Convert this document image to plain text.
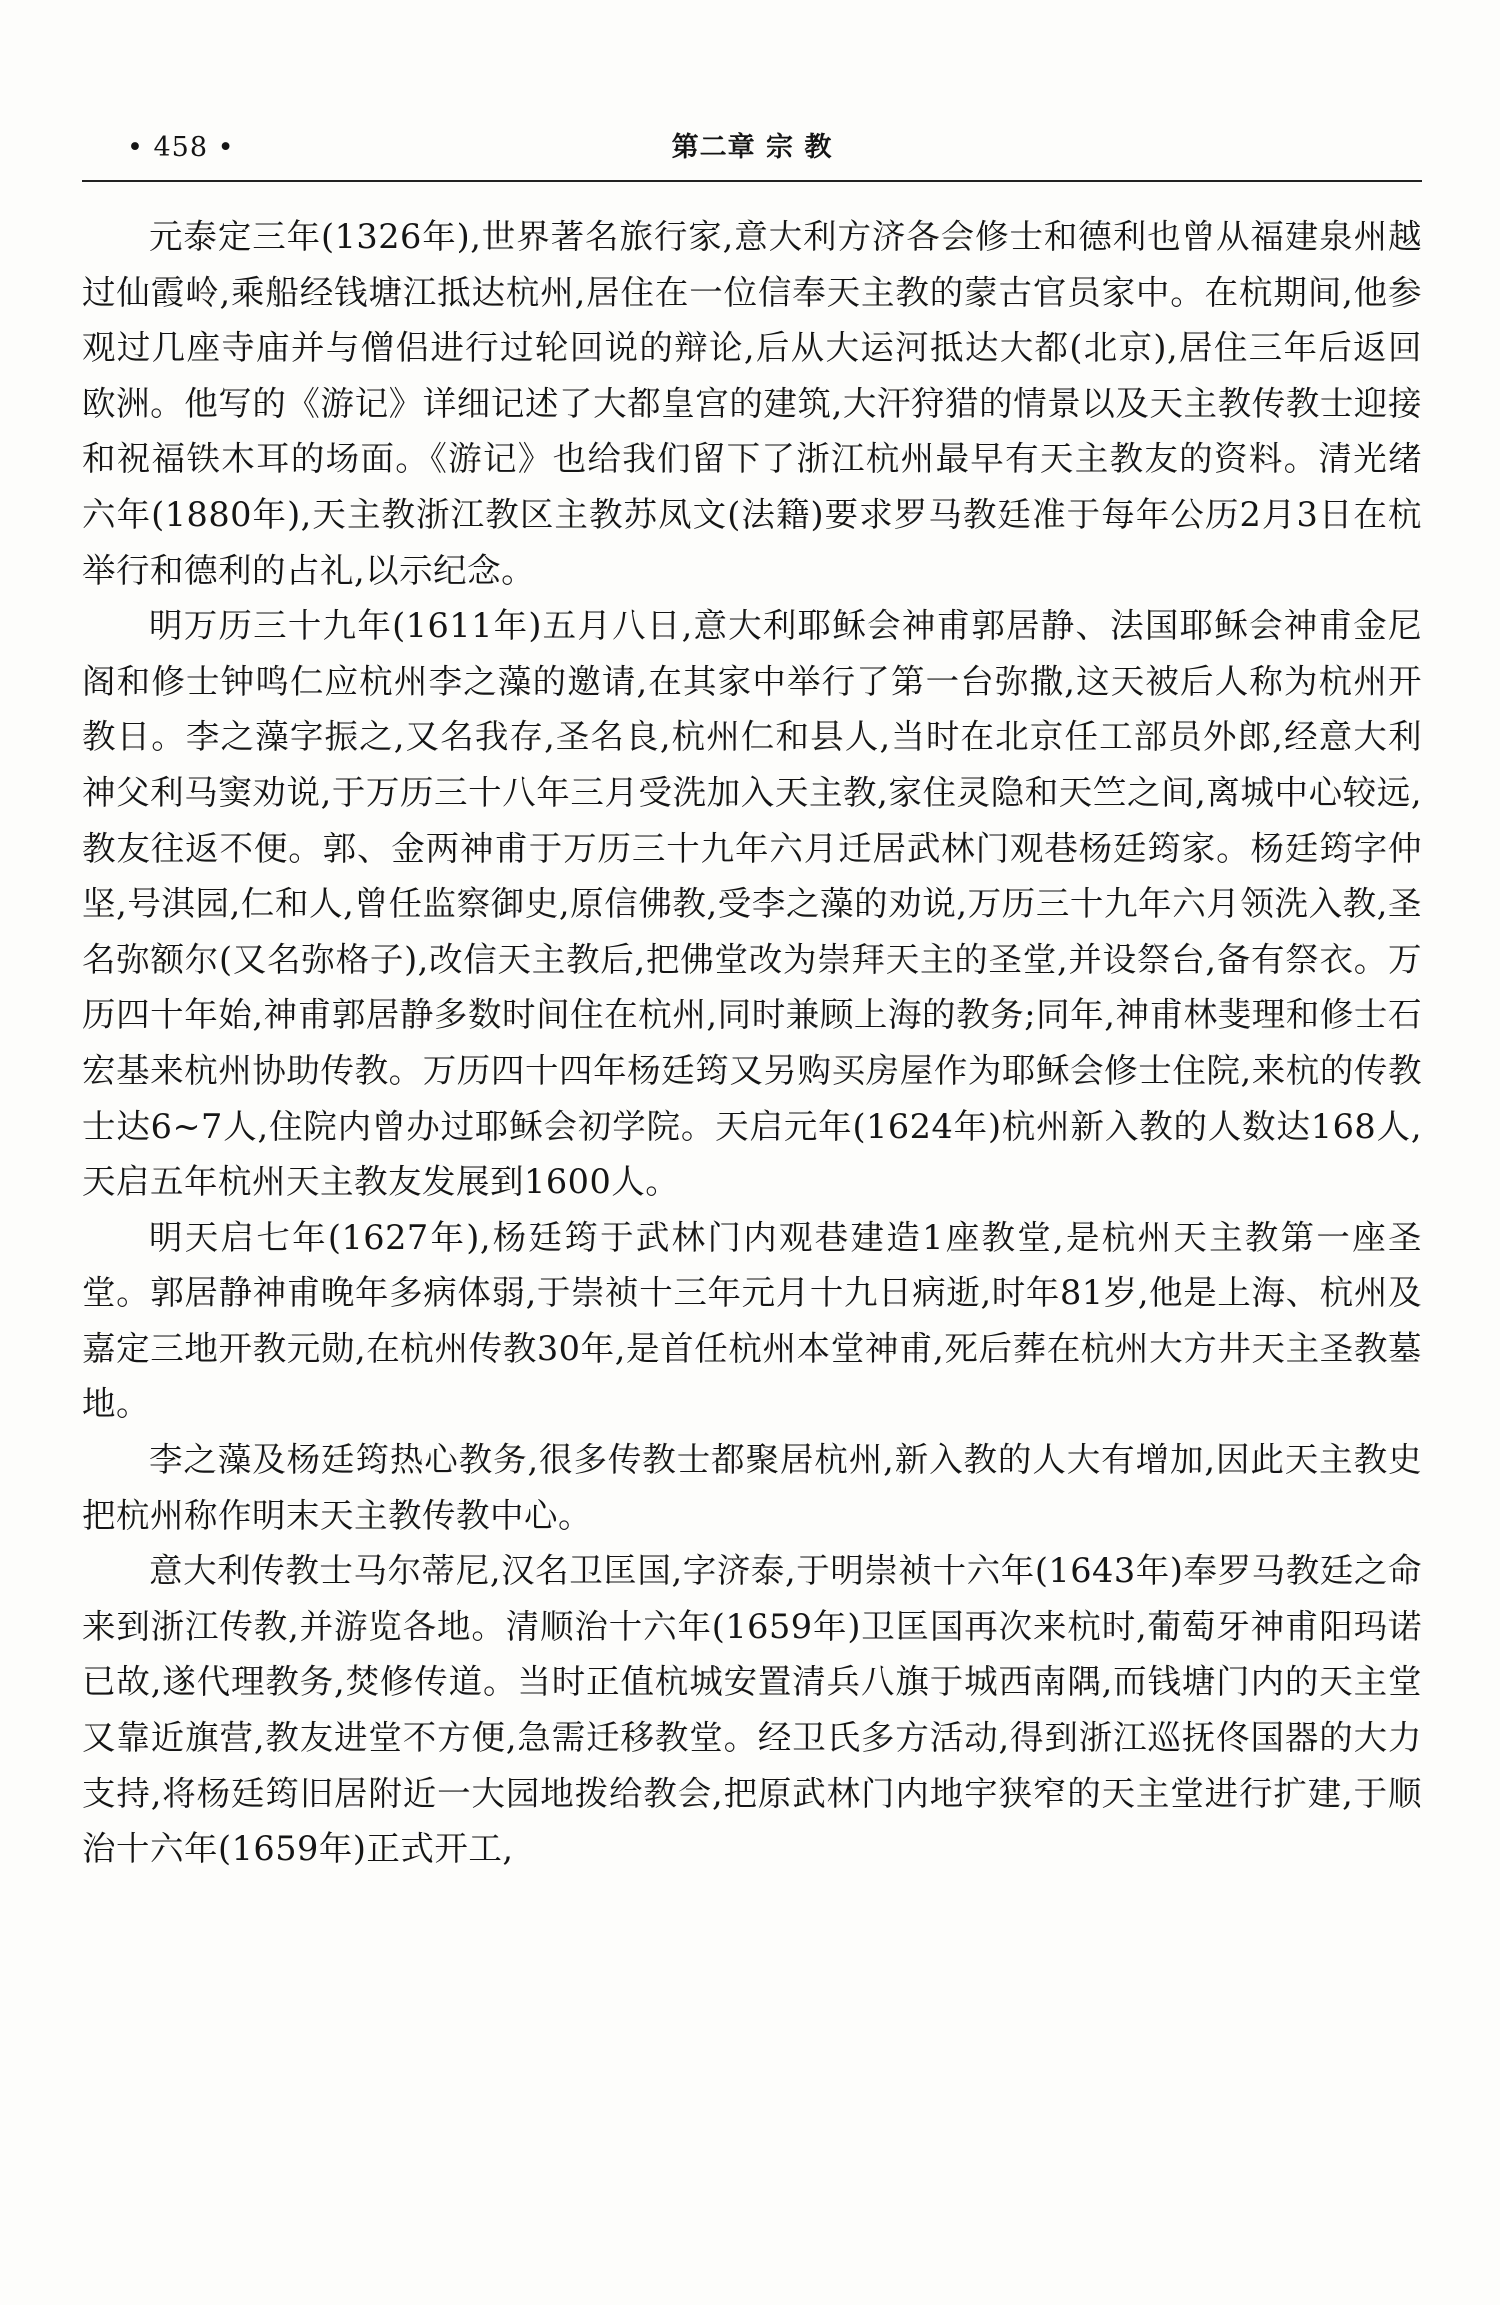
• 458 •	第二章 宗 教

元泰定三年(1326年),世界著名旅行家,意大利方济各会修士和德利也曾从福建泉州越过仙霞岭,乘船经钱塘江抵达杭州,居住在一位信奉天主教的蒙古官员家中。在杭期间,他参观过几座寺庙并与僧侣进行过轮回说的辩论,后从大运河抵达大都(北京),居住三年后返回欧洲。他写的《游记》详细记述了大都皇宫的建筑,大汗狩猎的情景以及天主教传教士迎接和祝福铁木耳的场面。《游记》也给我们留下了浙江杭州最早有天主教友的资料。清光绪六年(1880年),天主教浙江教区主教苏凤文(法籍)要求罗马教廷准于每年公历2月3日在杭举行和德利的占礼,以示纪念。

明万历三十九年(1611年)五月八日,意大利耶稣会神甫郭居静、法国耶稣会神甫金尼阁和修士钟鸣仁应杭州李之藻的邀请,在其家中举行了第一台弥撒,这天被后人称为杭州开教日。李之藻字振之,又名我存,圣名良,杭州仁和县人,当时在北京任工部员外郎,经意大利神父利马窦劝说,于万历三十八年三月受洗加入天主教,家住灵隐和天竺之间,离城中心较远,教友往返不便。郭、金两神甫于万历三十九年六月迁居武林门观巷杨廷筠家。杨廷筠字仲坚,号淇园,仁和人,曾任监察御史,原信佛教,受李之藻的劝说,万历三十九年六月领洗入教,圣名弥额尔(又名弥格子),改信天主教后,把佛堂改为崇拜天主的圣堂,并设祭台,备有祭衣。万历四十年始,神甫郭居静多数时间住在杭州,同时兼顾上海的教务;同年,神甫林斐理和修士石宏基来杭州协助传教。万历四十四年杨廷筠又另购买房屋作为耶稣会修士住院,来杭的传教士达6~7人,住院内曾办过耶稣会初学院。天启元年(1624年)杭州新入教的人数达168人,天启五年杭州天主教友发展到1600人。

明天启七年(1627年),杨廷筠于武林门内观巷建造1座教堂,是杭州天主教第一座圣堂。郭居静神甫晚年多病体弱,于崇祯十三年元月十九日病逝,时年81岁,他是上海、杭州及嘉定三地开教元勋,在杭州传教30年,是首任杭州本堂神甫,死后葬在杭州大方井天主圣教墓地。

李之藻及杨廷筠热心教务,很多传教士都聚居杭州,新入教的人大有增加,因此天主教史把杭州称作明末天主教传教中心。

意大利传教士马尔蒂尼,汉名卫匡国,字济泰,于明崇祯十六年(1643年)奉罗马教廷之命来到浙江传教,并游览各地。清顺治十六年(1659年)卫匡国再次来杭时,葡萄牙神甫阳玛诺已故,遂代理教务,焚修传道。当时正值杭城安置清兵八旗于城西南隅,而钱塘门内的天主堂又靠近旗营,教友进堂不方便,急需迁移教堂。经卫氏多方活动,得到浙江巡抚佟国器的大力支持,将杨廷筠旧居附近一大园地拨给教会,把原武林门内地宇狭窄的天主堂进行扩建,于顺治十六年(1659年)正式开工,
